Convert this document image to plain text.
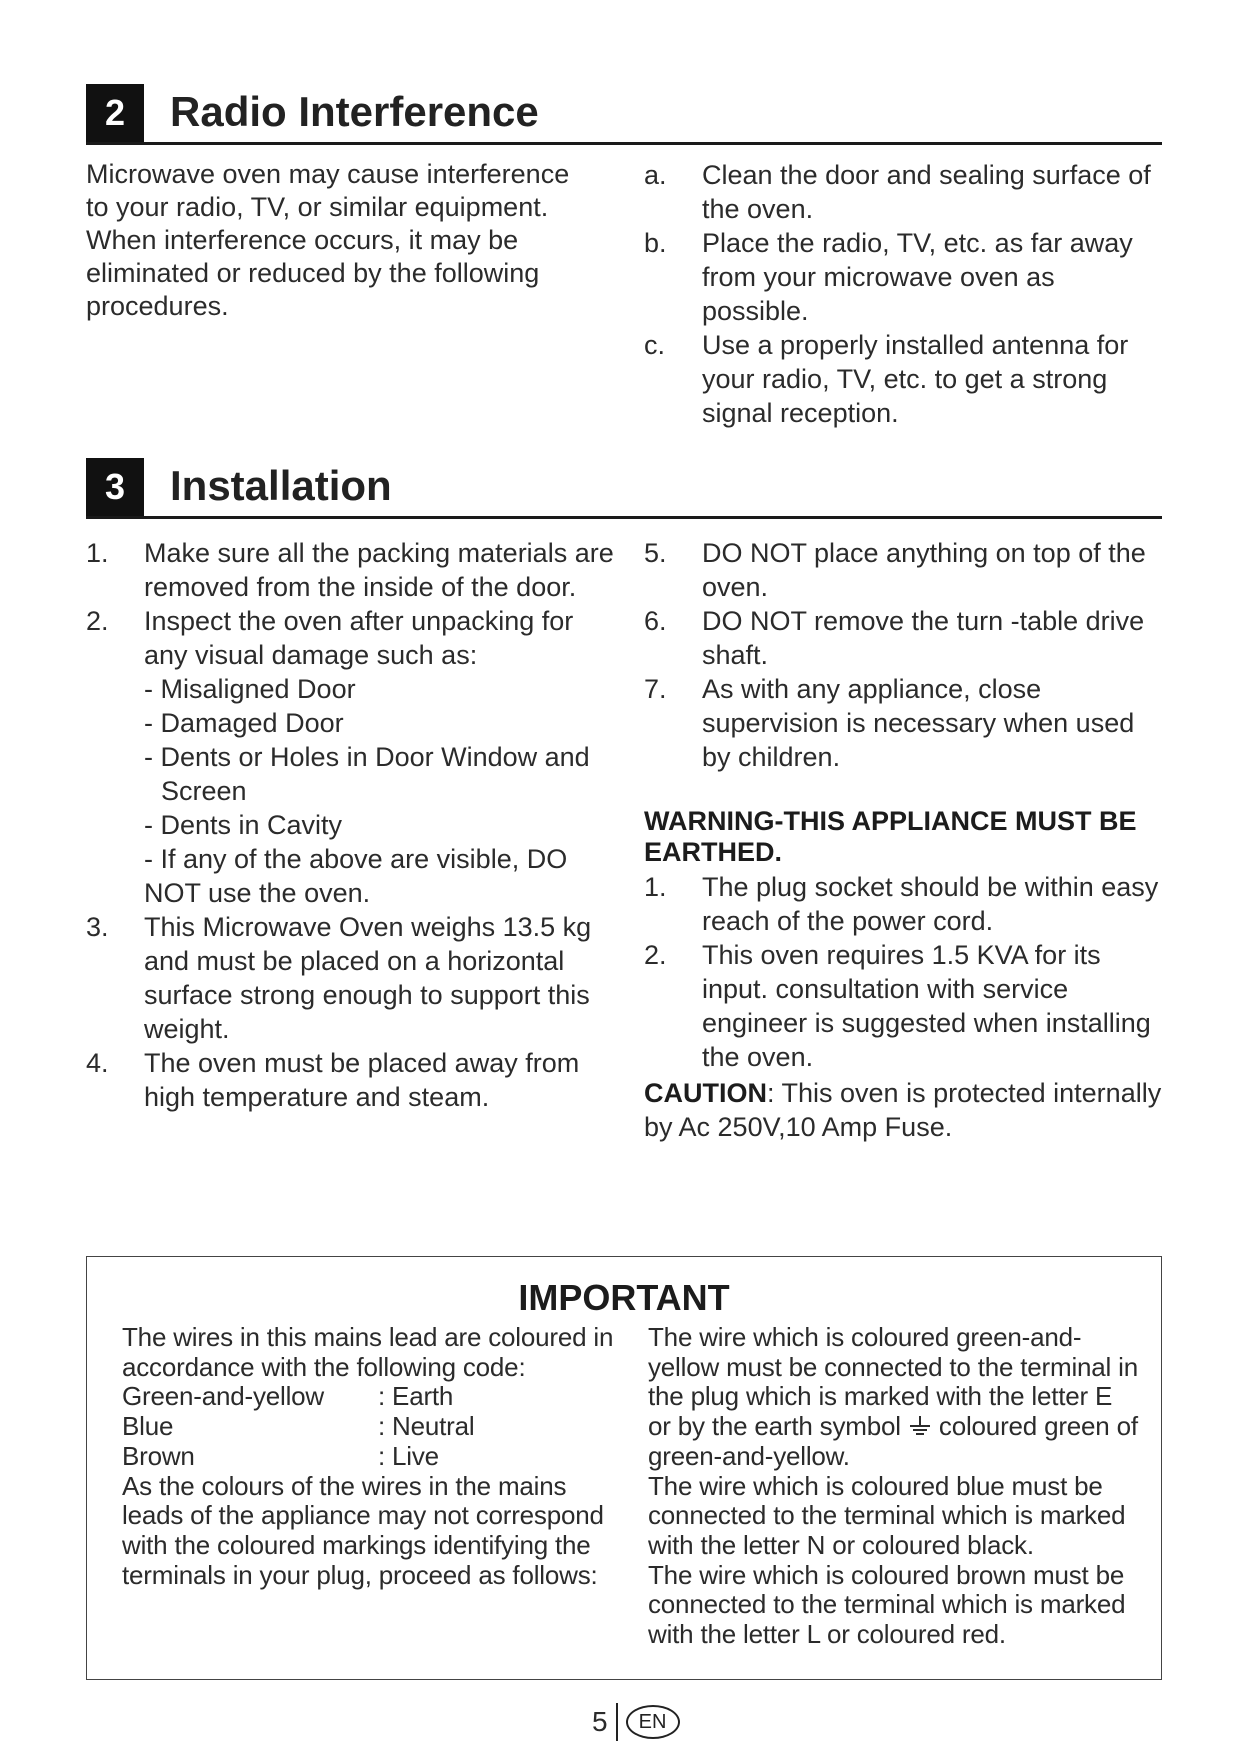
2	Radio Interference
Microwave oven may cause interference to your radio, TV, or similar equipment. When interference occurs, it may be eliminated or reduced by the following procedures.
a. Clean the door and sealing surface of the oven.
b. Place the radio, TV, etc. as far away from your microwave oven as possible.
c. Use a properly installed antenna for your radio, TV, etc. to get a strong signal reception.
3	Installation
1. Make sure all the packing materials are removed from the inside of the door.
2. Inspect the oven after unpacking for any visual damage such as:
- Misaligned Door
- Damaged Door
- Dents or Holes in Door Window and Screen
- Dents in Cavity
- If any of the above are visible, DO NOT use the oven.
3. This Microwave Oven weighs 13.5 kg and must be placed on a horizontal surface strong enough to support this weight.
4. The oven must be placed away from high temperature and steam.
5. DO NOT place anything on top of the oven.
6. DO NOT remove the turn -table drive shaft.
7. As with any appliance, close supervision is necessary when used by children.
WARNING-THIS APPLIANCE MUST BE EARTHED.
1. The plug socket should be within easy reach of the power cord.
2. This oven requires 1.5 KVA for its input. consultation with service engineer is suggested when installing the oven.
CAUTION: This oven is protected internally by Ac 250V,10 Amp Fuse.
IMPORTANT
The wires in this mains lead are coloured in accordance with the following code:
Green-and-yellow	: Earth
Blue	: Neutral
Brown	: Live
As the colours of the wires in the mains leads of the appliance may not correspond with the coloured markings identifying the terminals in your plug, proceed as follows:
The wire which is coloured green-and-yellow must be connected to the terminal in the plug which is marked with the letter E or by the earth symbol coloured green of green-and-yellow.
The wire which is coloured blue must be connected to the terminal which is marked with the letter N or coloured black.
The wire which is coloured brown must be connected to the terminal which is marked with the letter L or coloured red.
5	EN
